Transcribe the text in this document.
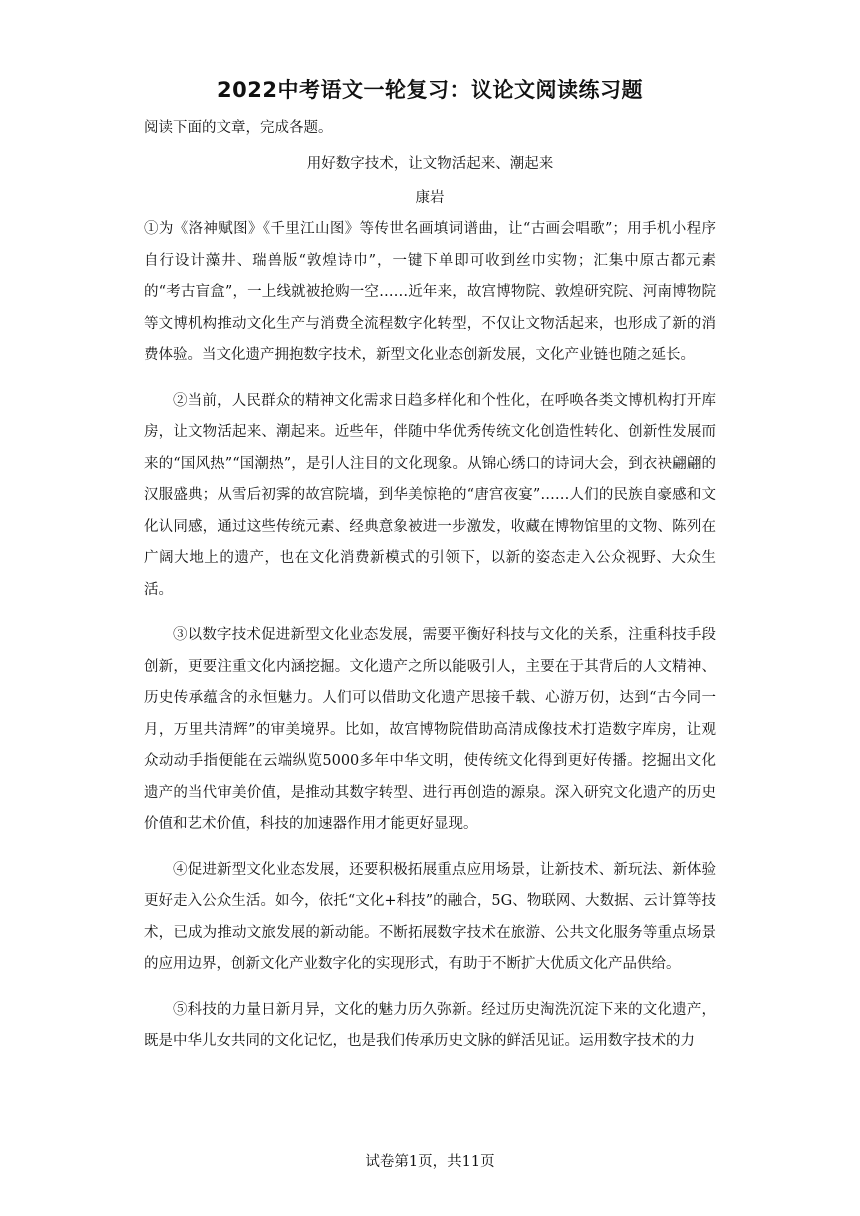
2022中考语文一轮复习：议论文阅读练习题

阅读下面的文章，完成各题。

用好数字技术，让文物活起来、潮起来

康岩

①为《洛神赋图》《千里江山图》等传世名画填词谱曲，让“古画会唱歌”；用手机小程序自行设计藻井、瑞兽版“敦煌诗巾”，一键下单即可收到丝巾实物；汇集中原古都元素的“考古盲盒”，一上线就被抢购一空……近年来，故宫博物院、敦煌研究院、河南博物院等文博机构推动文化生产与消费全流程数字化转型，不仅让文物活起来，也形成了新的消费体验。当文化遗产拥抱数字技术，新型文化业态创新发展，文化产业链也随之延长。

②当前，人民群众的精神文化需求日趋多样化和个性化，在呼唤各类文博机构打开库房，让文物活起来、潮起来。近些年，伴随中华优秀传统文化创造性转化、创新性发展而来的“国风热”“国潮热”，是引人注目的文化现象。从锦心绣口的诗词大会，到衣袂翩翩的汉服盛典；从雪后初霁的故宫院墙，到华美惊艳的“唐宫夜宴”……人们的民族自豪感和文化认同感，通过这些传统元素、经典意象被进一步激发，收藏在博物馆里的文物、陈列在广阔大地上的遗产，也在文化消费新模式的引领下，以新的姿态走入公众视野、大众生活。

③以数字技术促进新型文化业态发展，需要平衡好科技与文化的关系，注重科技手段创新，更要注重文化内涵挖掘。文化遗产之所以能吸引人，主要在于其背后的人文精神、历史传承蕴含的永恒魅力。人们可以借助文化遗产思接千载、心游万仞，达到“古今同一月，万里共清辉”的审美境界。比如，故宫博物院借助高清成像技术打造数字库房，让观众动动手指便能在云端纵览5000多年中华文明，使传统文化得到更好传播。挖掘出文化遗产的当代审美价值，是推动其数字转型、进行再创造的源泉。深入研究文化遗产的历史价值和艺术价值，科技的加速器作用才能更好显现。

④促进新型文化业态发展，还要积极拓展重点应用场景，让新技术、新玩法、新体验更好走入公众生活。如今，依托“文化+科技”的融合，5G、物联网、大数据、云计算等技术，已成为推动文旅发展的新动能。不断拓展数字技术在旅游、公共文化服务等重点场景的应用边界，创新文化产业数字化的实现形式，有助于不断扩大优质文化产品供给。

⑤科技的力量日新月异，文化的魅力历久弥新。经过历史淘洗沉淀下来的文化遗产，既是中华儿女共同的文化记忆，也是我们传承历史文脉的鲜活见证。运用数字技术的力

试卷第1页，共11页
